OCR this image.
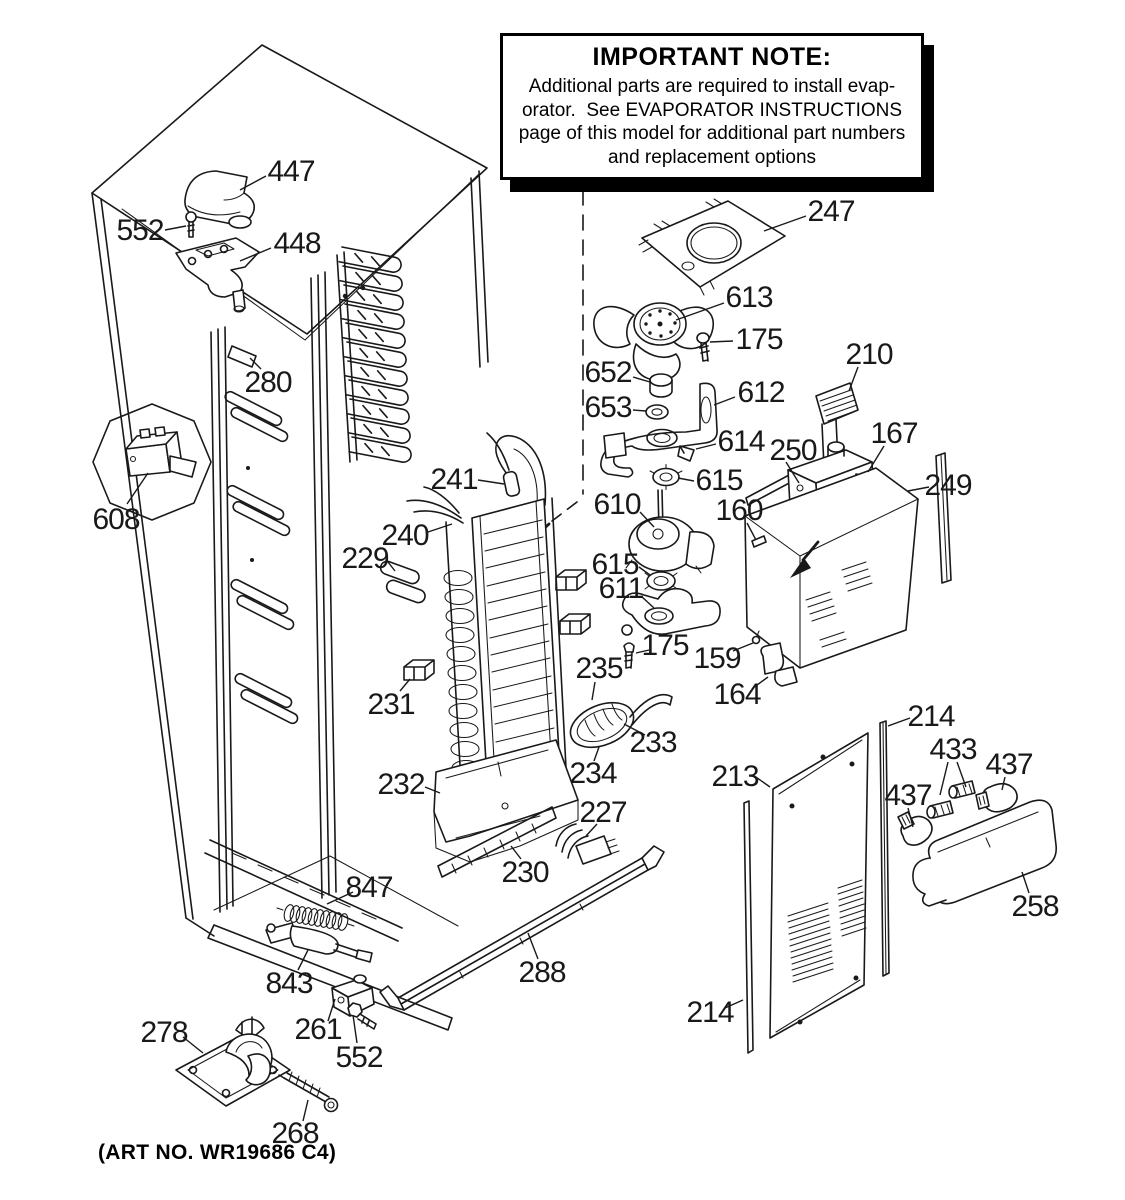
IMPORTANT NOTE:
Additional parts are required to install evap-
orator.  See EVAPORATOR INSTRUCTIONS
page of this model for additional part numbers
and replacement options
(ART NO. WR19686 C4)
447
552	448
280
608
247
613
175
652
653	612
614
615
610
615
611
175
235
233
234
232
230
227
288
210
167
249
250
160
159
164
241
240
229
231
213
214
433 437
437
258
214
847
843
261
552
278
268
